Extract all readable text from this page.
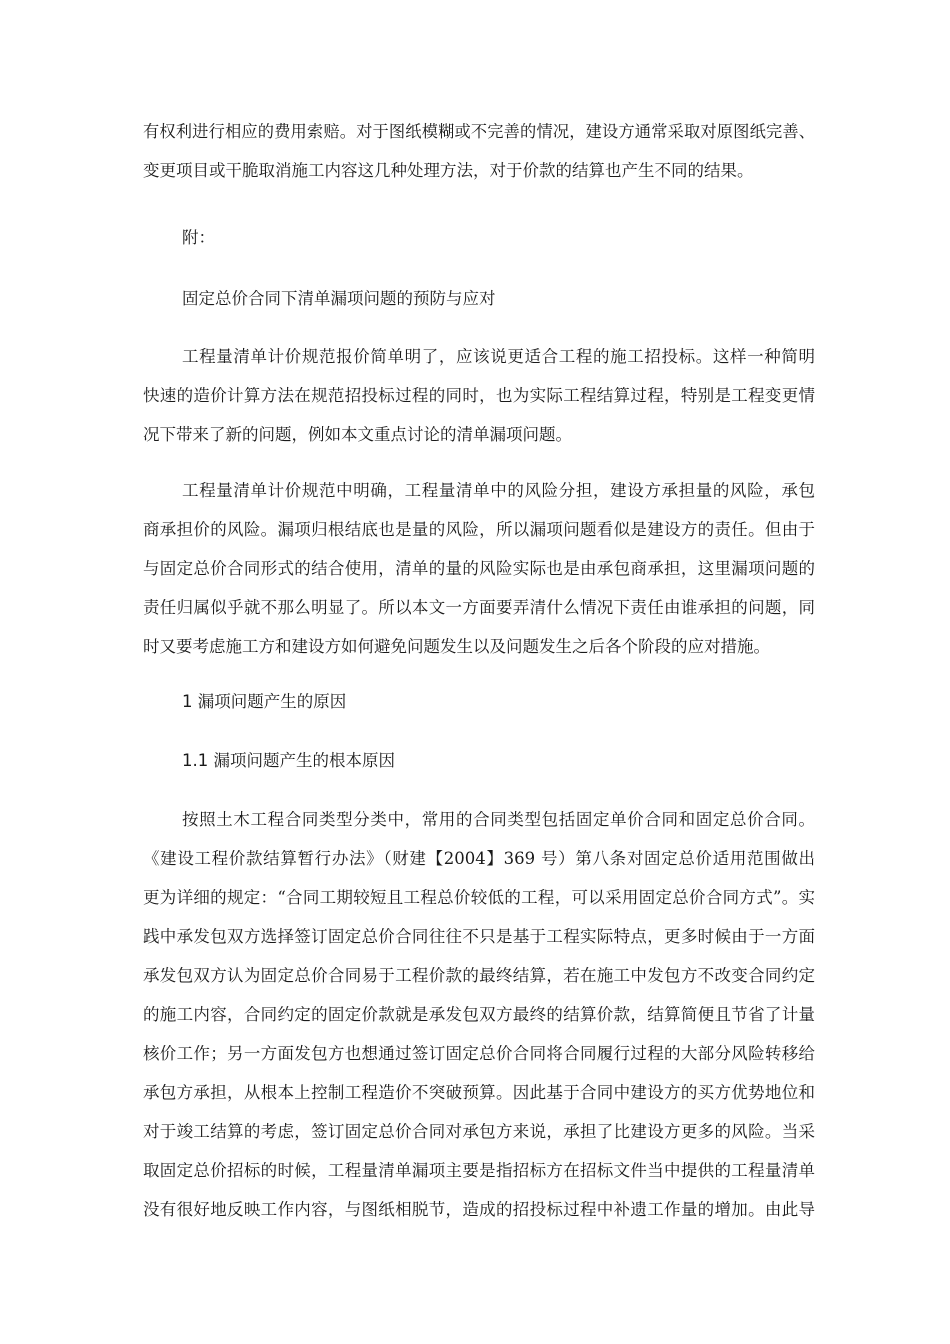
有权利进行相应的费用索赔。对于图纸模糊或不完善的情况，建设方通常采取对原图纸完善、
变更项目或干脆取消施工内容这几种处理方法，对于价款的结算也产生不同的结果。
附：
固定总价合同下清单漏项问题的预防与应对
工程量清单计价规范报价简单明了，应该说更适合工程的施工招投标。这样一种简明
快速的造价计算方法在规范招投标过程的同时，也为实际工程结算过程，特别是工程变更情
况下带来了新的问题，例如本文重点讨论的清单漏项问题。
工程量清单计价规范中明确，工程量清单中的风险分担，建设方承担量的风险，承包
商承担价的风险。漏项归根结底也是量的风险，所以漏项问题看似是建设方的责任。但由于
与固定总价合同形式的结合使用，清单的量的风险实际也是由承包商承担，这里漏项问题的
责任归属似乎就不那么明显了。所以本文一方面要弄清什么情况下责任由谁承担的问题，同
时又要考虑施工方和建设方如何避免问题发生以及问题发生之后各个阶段的应对措施。
1 漏项问题产生的原因
1.1 漏项问题产生的根本原因
按照土木工程合同类型分类中，常用的合同类型包括固定单价合同和固定总价合同。
《建设工程价款结算暂行办法》（财建【2004】369 号）第八条对固定总价适用范围做出
更为详细的规定：“合同工期较短且工程总价较低的工程，可以采用固定总价合同方式”。实
践中承发包双方选择签订固定总价合同往往不只是基于工程实际特点，更多时候由于一方面
承发包双方认为固定总价合同易于工程价款的最终结算，若在施工中发包方不改变合同约定
的施工内容，合同约定的固定价款就是承发包双方最终的结算价款，结算简便且节省了计量
核价工作；另一方面发包方也想通过签订固定总价合同将合同履行过程的大部分风险转移给
承包方承担，从根本上控制工程造价不突破预算。因此基于合同中建设方的买方优势地位和
对于竣工结算的考虑，签订固定总价合同对承包方来说，承担了比建设方更多的风险。当采
取固定总价招标的时候，工程量清单漏项主要是指招标方在招标文件当中提供的工程量清单
没有很好地反映工作内容，与图纸相脱节，造成的招投标过程中补遗工作量的增加。由此导
